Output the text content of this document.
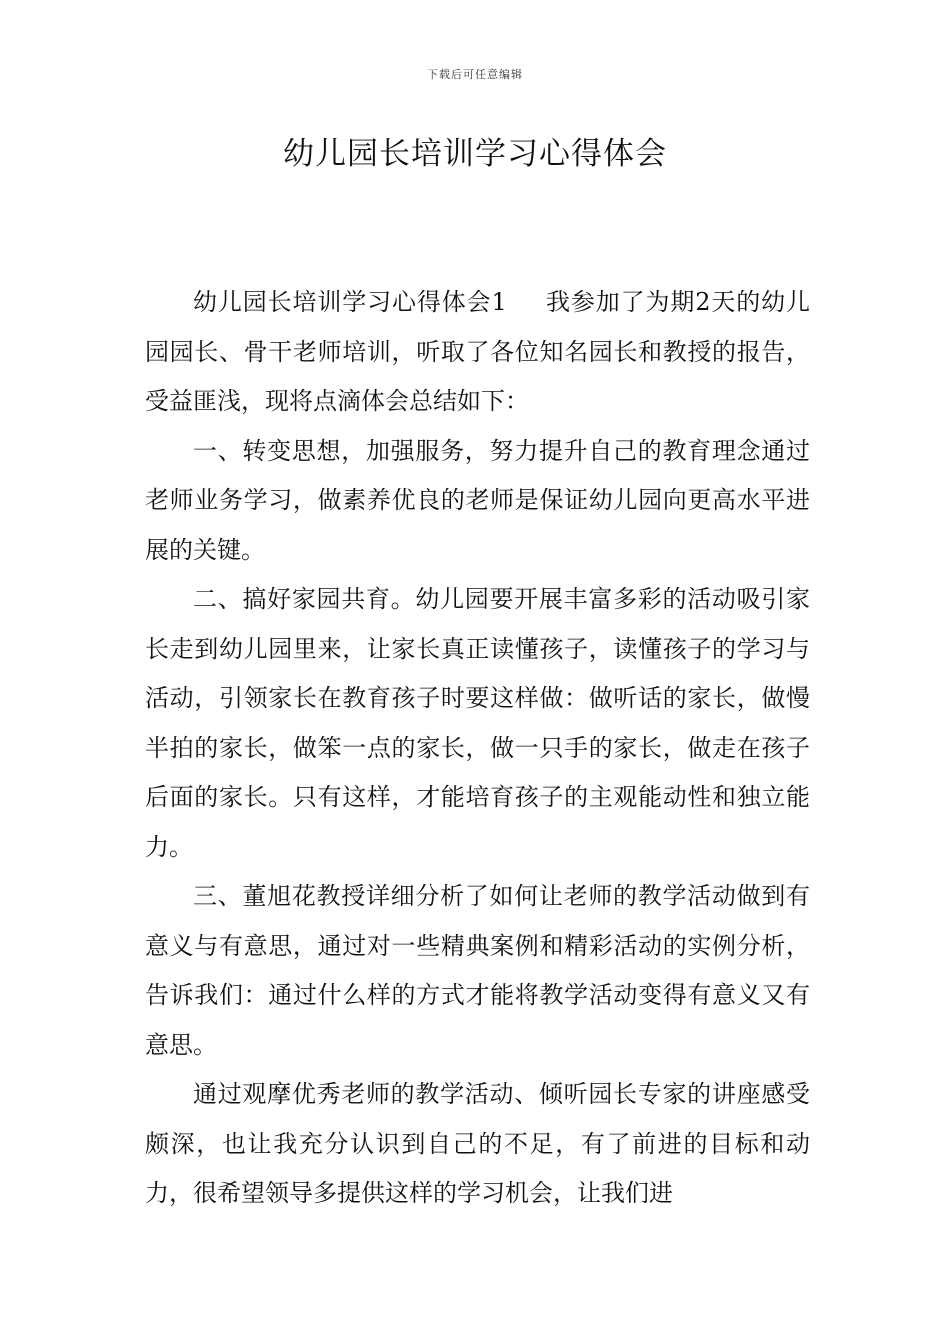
下载后可任意编辑
幼儿园长培训学习心得体会

幼儿园长培训学习心得体会1 我参加了为期2天的幼儿园园长、骨干老师培训，听取了各位知名园长和教授的报告，受益匪浅，现将点滴体会总结如下：

一、转变思想，加强服务，努力提升自己的教育理念通过老师业务学习，做素养优良的老师是保证幼儿园向更高水平进展的关键。

二、搞好家园共育。幼儿园要开展丰富多彩的活动吸引家长走到幼儿园里来，让家长真正读懂孩子，读懂孩子的学习与活动，引领家长在教育孩子时要这样做：做听话的家长，做慢半拍的家长，做笨一点的家长，做一只手的家长，做走在孩子后面的家长。只有这样，才能培育孩子的主观能动性和独立能力。

三、董旭花教授详细分析了如何让老师的教学活动做到有意义与有意思，通过对一些精典案例和精彩活动的实例分析，告诉我们：通过什么样的方式才能将教学活动变得有意义又有意思。

通过观摩优秀老师的教学活动、倾听园长专家的讲座感受颇深，也让我充分认识到自己的不足，有了前进的目标和动力，很希望领导多提供这样的学习机会，让我们进
